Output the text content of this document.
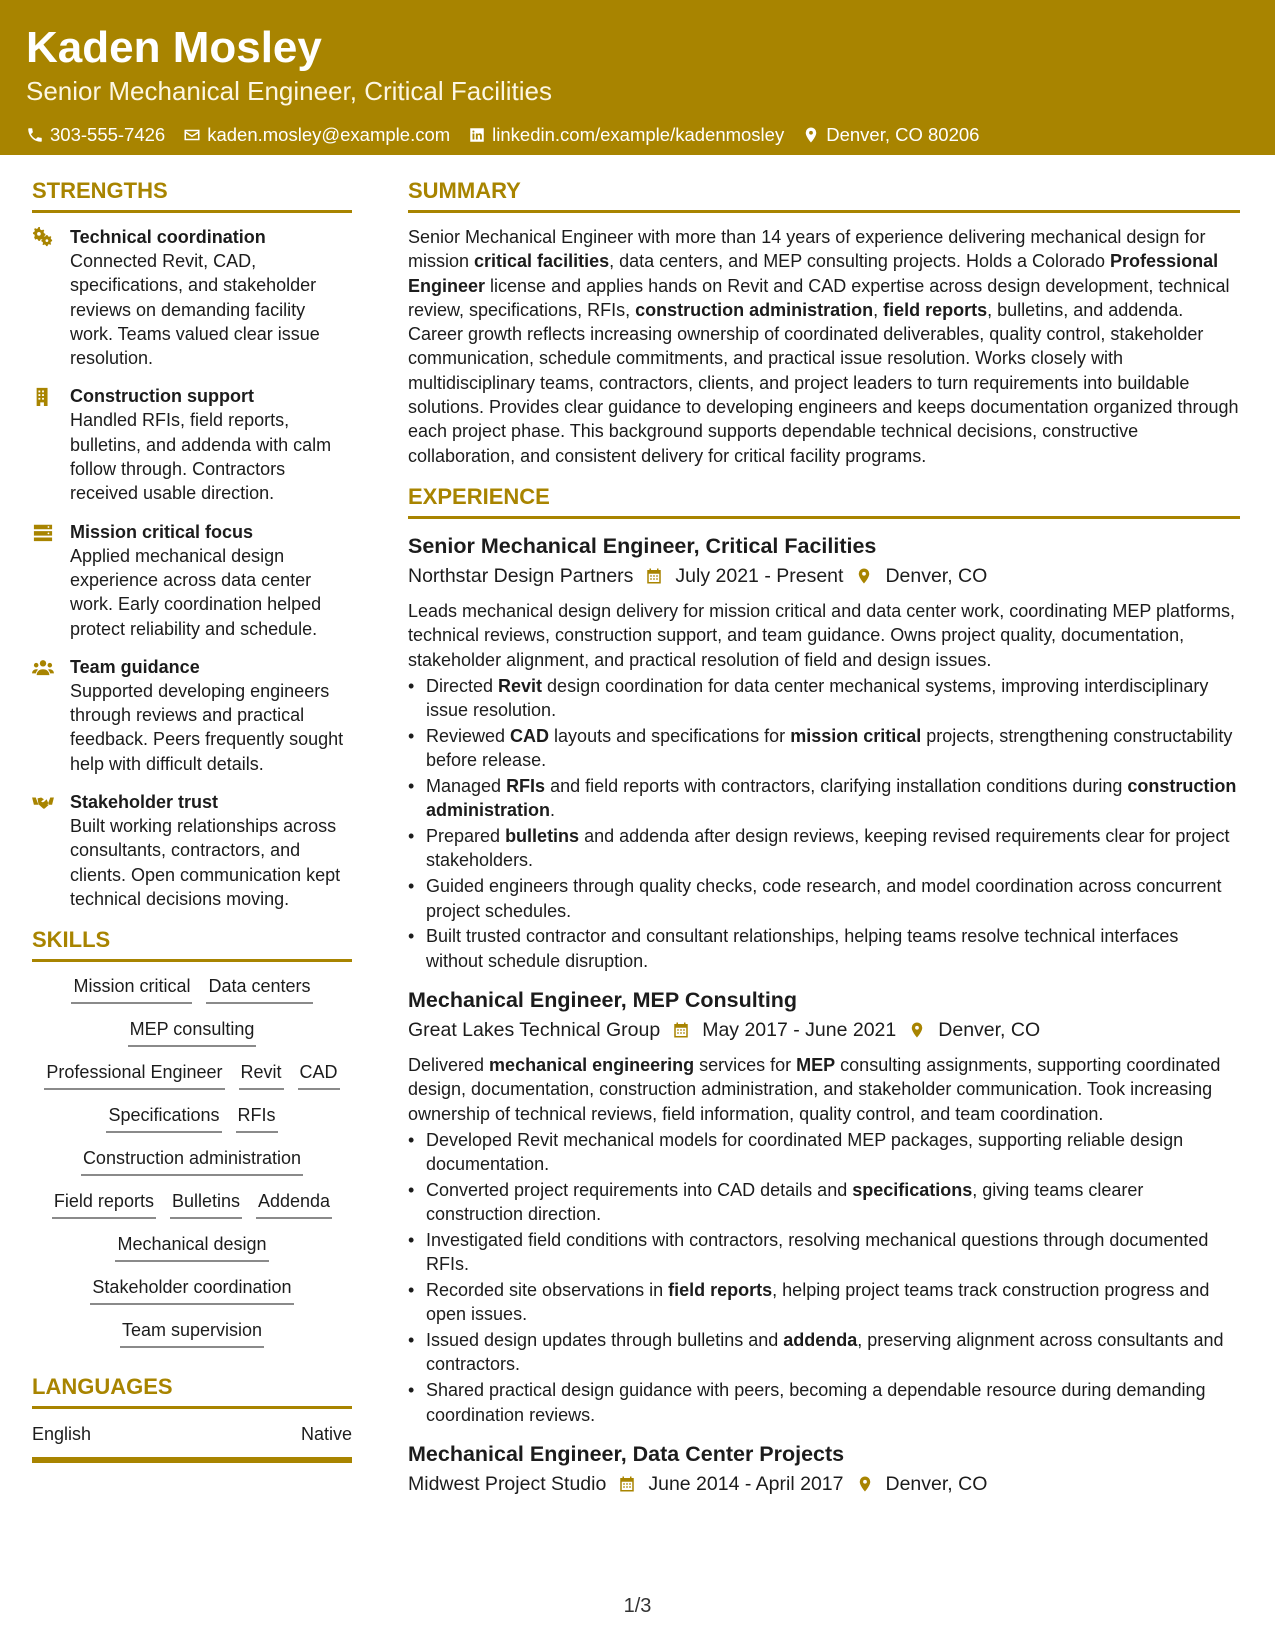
Kaden Mosley
Senior Mechanical Engineer, Critical Facilities
303-555-7426 kaden.mosley@example.com linkedin.com/example/kadenmosley Denver, CO 80206
STRENGTHS
Technical coordination
Connected Revit, CAD, specifications, and stakeholder reviews on demanding facility work. Teams valued clear issue resolution.
Construction support
Handled RFIs, field reports, bulletins, and addenda with calm follow through. Contractors received usable direction.
Mission critical focus
Applied mechanical design experience across data center work. Early coordination helped protect reliability and schedule.
Team guidance
Supported developing engineers through reviews and practical feedback. Peers frequently sought help with difficult details.
Stakeholder trust
Built working relationships across consultants, contractors, and clients. Open communication kept technical decisions moving.
SKILLS
Mission critical Data centers
MEP consulting
Professional Engineer Revit CAD
Specifications RFIs
Construction administration
Field reports Bulletins Addenda
Mechanical design
Stakeholder coordination
Team supervision
LANGUAGES
English	Native
SUMMARY
Senior Mechanical Engineer with more than 14 years of experience delivering mechanical design for mission critical facilities, data centers, and MEP consulting projects. Holds a Colorado Professional Engineer license and applies hands on Revit and CAD expertise across design development, technical review, specifications, RFIs, construction administration, field reports, bulletins, and addenda. Career growth reflects increasing ownership of coordinated deliverables, quality control, stakeholder communication, schedule commitments, and practical issue resolution. Works closely with multidisciplinary teams, contractors, clients, and project leaders to turn requirements into buildable solutions. Provides clear guidance to developing engineers and keeps documentation organized through each project phase. This background supports dependable technical decisions, constructive collaboration, and consistent delivery for critical facility programs.
EXPERIENCE
Senior Mechanical Engineer, Critical Facilities
Northstar Design Partners July 2021 - Present Denver, CO
Leads mechanical design delivery for mission critical and data center work, coordinating MEP platforms, technical reviews, construction support, and team guidance. Owns project quality, documentation, stakeholder alignment, and practical resolution of field and design issues.
• Directed Revit design coordination for data center mechanical systems, improving interdisciplinary issue resolution.
• Reviewed CAD layouts and specifications for mission critical projects, strengthening constructability before release.
• Managed RFIs and field reports with contractors, clarifying installation conditions during construction administration.
• Prepared bulletins and addenda after design reviews, keeping revised requirements clear for project stakeholders.
• Guided engineers through quality checks, code research, and model coordination across concurrent project schedules.
• Built trusted contractor and consultant relationships, helping teams resolve technical interfaces without schedule disruption.
Mechanical Engineer, MEP Consulting
Great Lakes Technical Group May 2017 - June 2021 Denver, CO
Delivered mechanical engineering services for MEP consulting assignments, supporting coordinated design, documentation, construction administration, and stakeholder communication. Took increasing ownership of technical reviews, field information, quality control, and team coordination.
• Developed Revit mechanical models for coordinated MEP packages, supporting reliable design documentation.
• Converted project requirements into CAD details and specifications, giving teams clearer construction direction.
• Investigated field conditions with contractors, resolving mechanical questions through documented RFIs.
• Recorded site observations in field reports, helping project teams track construction progress and open issues.
• Issued design updates through bulletins and addenda, preserving alignment across consultants and contractors.
• Shared practical design guidance with peers, becoming a dependable resource during demanding coordination reviews.
Mechanical Engineer, Data Center Projects
Midwest Project Studio June 2014 - April 2017 Denver, CO
1/3
